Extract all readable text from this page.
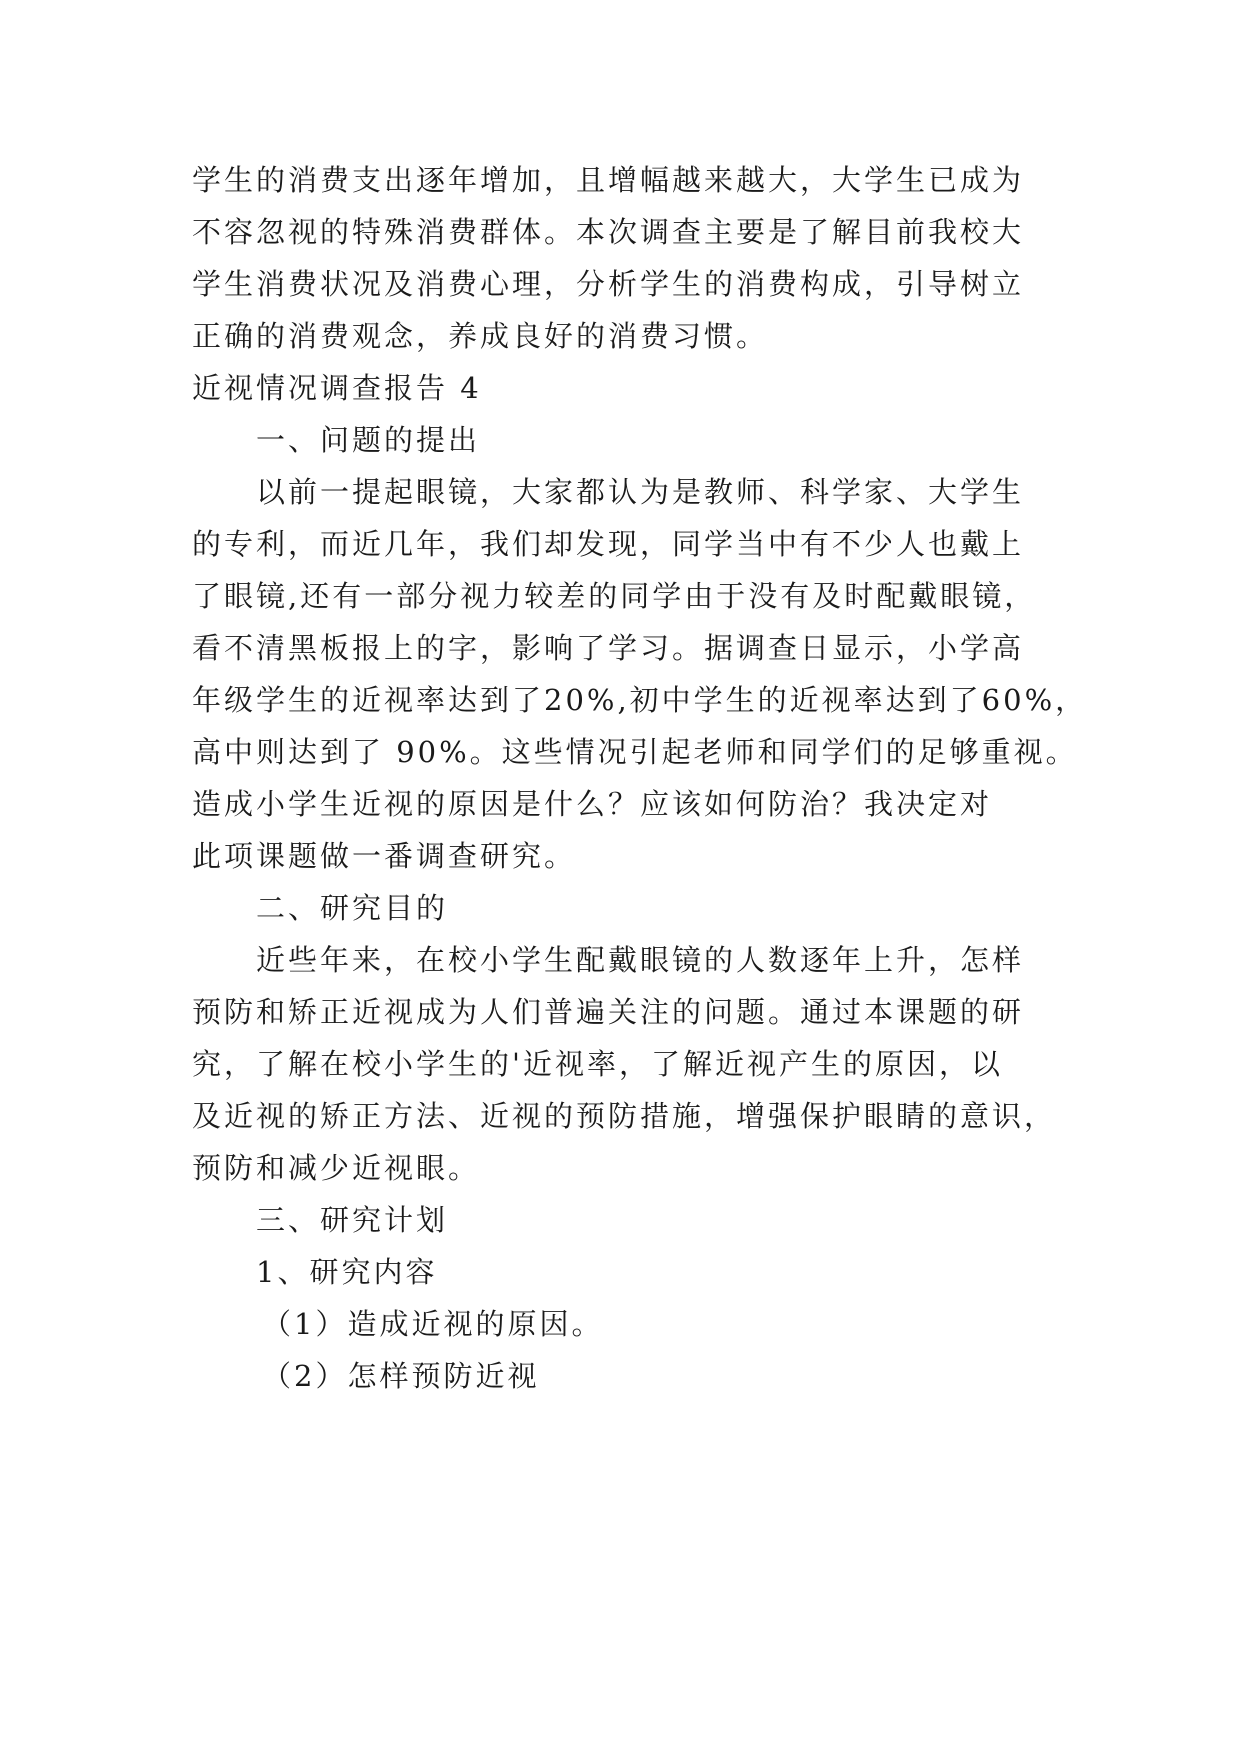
学生的消费支出逐年增加，且增幅越来越大，大学生已成为
不容忽视的特殊消费群体。本次调查主要是了解目前我校大
学生消费状况及消费心理，分析学生的消费构成，引导树立
正确的消费观念，养成良好的消费习惯。
近视情况调查报告 4
一、问题的提出
以前一提起眼镜，大家都认为是教师、科学家、大学生
的专利，而近几年，我们却发现，同学当中有不少人也戴上
了眼镜,还有一部分视力较差的同学由于没有及时配戴眼镜，
看不清黑板报上的字，影响了学习。据调查日显示，小学高
年级学生的近视率达到了20%,初中学生的近视率达到了60%，
高中则达到了 90%。这些情况引起老师和同学们的足够重视。
造成小学生近视的原因是什么？应该如何防治？我决定对
此项课题做一番调查研究。
二、研究目的
近些年来，在校小学生配戴眼镜的人数逐年上升，怎样
预防和矫正近视成为人们普遍关注的问题。通过本课题的研
究，了解在校小学生的'近视率，了解近视产生的原因，以
及近视的矫正方法、近视的预防措施，增强保护眼睛的意识，
预防和减少近视眼。
三、研究计划
1、研究内容
（1）造成近视的原因。
（2）怎样预防近视
